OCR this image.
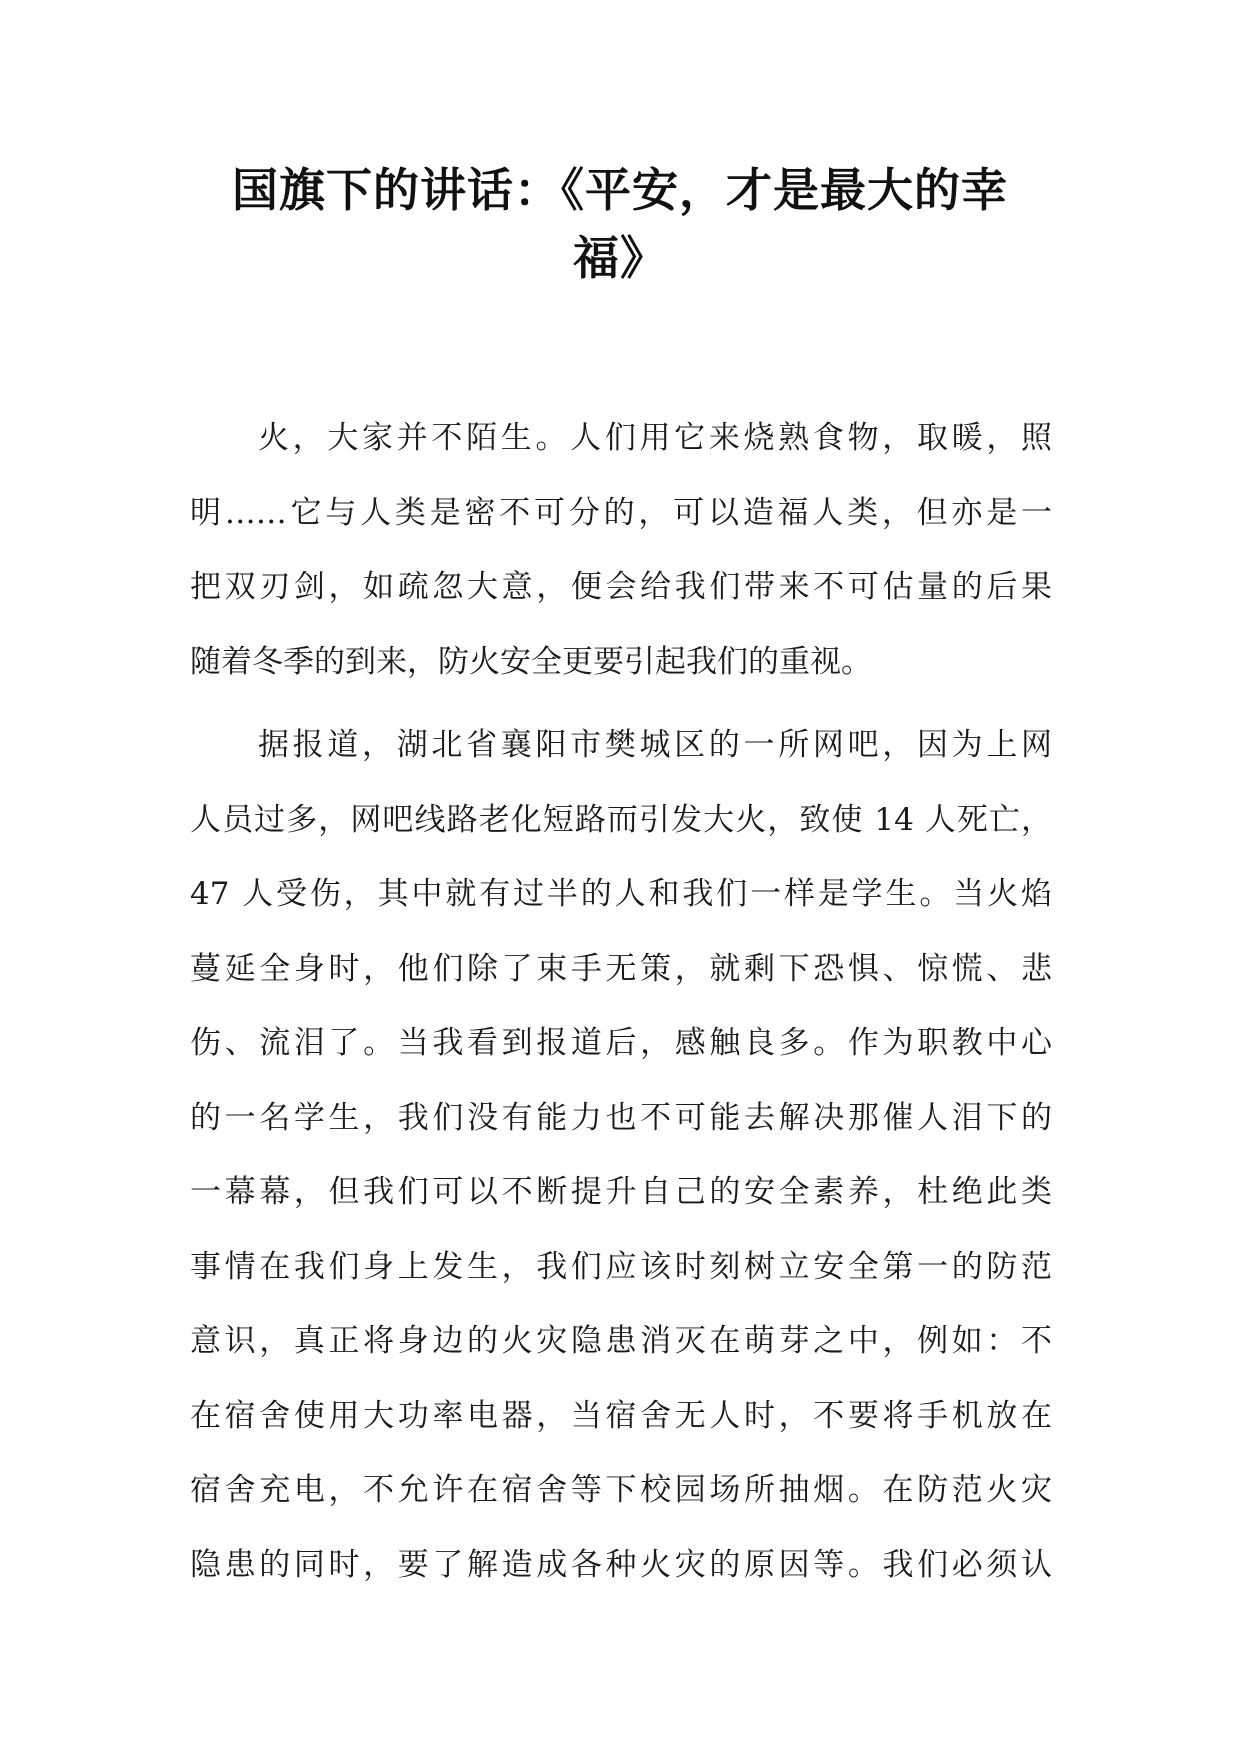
国旗下的讲话：《平安，才是最大的幸
福》
火，大家并不陌生。人们用它来烧熟食物，取暖，照
明……它与人类是密不可分的，可以造福人类，但亦是一
把双刃剑，如疏忽大意，便会给我们带来不可估量的后果
随着冬季的到来，防火安全更要引起我们的重视。
据报道，湖北省襄阳市樊城区的一所网吧，因为上网
人员过多，网吧线路老化短路而引发大火，致使 14 人死亡，
47 人受伤，其中就有过半的人和我们一样是学生。当火焰
蔓延全身时，他们除了束手无策，就剩下恐惧、惊慌、悲
伤、流泪了。当我看到报道后，感触良多。作为职教中心
的一名学生，我们没有能力也不可能去解决那催人泪下的
一幕幕，但我们可以不断提升自己的安全素养，杜绝此类
事情在我们身上发生，我们应该时刻树立安全第一的防范
意识，真正将身边的火灾隐患消灭在萌芽之中，例如：不
在宿舍使用大功率电器，当宿舍无人时，不要将手机放在
宿舍充电，不允许在宿舍等下校园场所抽烟。在防范火灾
隐患的同时，要了解造成各种火灾的原因等。我们必须认
